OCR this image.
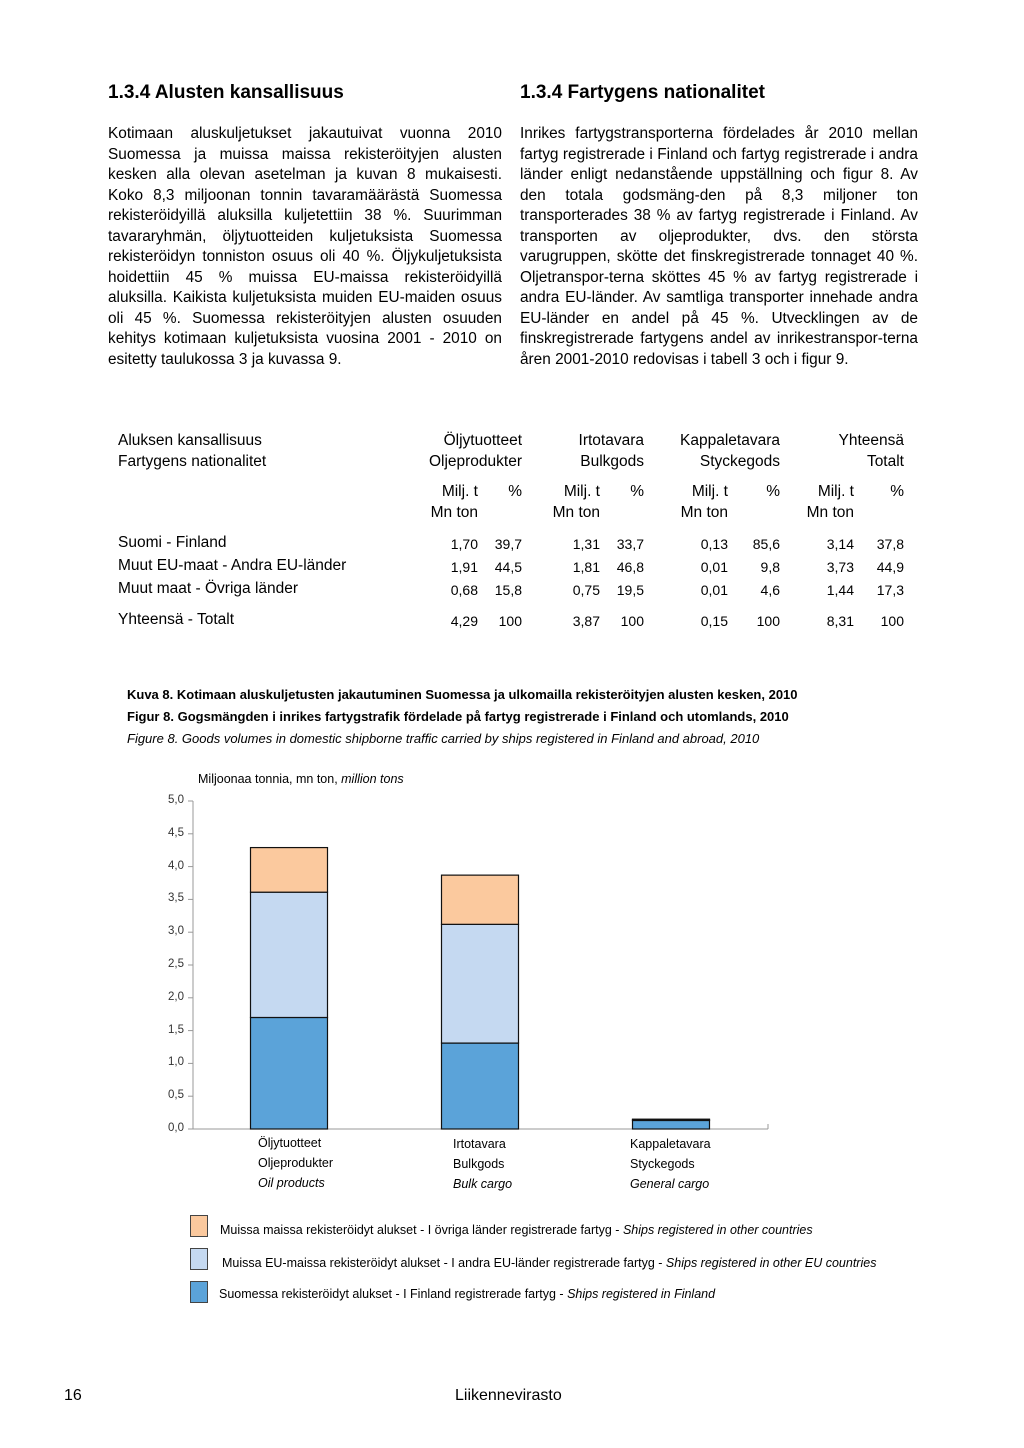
1.3.4 Alusten kansallisuus	1.3.4 Fartygens nationalitet
Kotimaan aluskuljetukset jakautuivat vuonna 2010 Suomessa ja muissa maissa rekisteröityjen alusten kesken alla olevan asetelman ja kuvan 8 mukaisesti. Koko 8,3 miljoonan tonnin tavaramäärästä Suomessa rekisteröidyillä aluksilla kuljetettiin 38 %. Suurimman tavararyhmän, öljytuotteiden kuljetuksista Suomessa rekisteröidyn tonniston osuus oli 40 %. Öljykuljetuksista hoidettiin 45 % muissa EU-maissa rekisteröidyillä aluksilla. Kaikista kuljetuksista muiden EU-maiden osuus oli 45 %. Suomessa rekisteröityjen alusten osuuden kehitys kotimaan kuljetuksista vuosina 2001 - 2010 on esitetty taulukossa 3 ja kuvassa 9.
Inrikes fartygstransporterna fördelades år 2010 mellan fartyg registrerade i Finland och fartyg registrerade i andra länder enligt nedanstående uppställning och figur 8. Av den totala godsmäng-den på 8,3 miljoner ton transporterades 38 % av fartyg registrerade i Finland. Av transporten av oljeprodukter, dvs. den största varugruppen, skötte det finskregistrerade tonnaget 40 %. Oljetranspor-terna sköttes 45 % av fartyg registrerade i andra EU-länder. Av samtliga transporter innehade andra EU-länder en andel på 45 %. Utvecklingen av de finskregistrerade fartygens andel av inrikestranspor-terna åren 2001-2010 redovisas i tabell 3 och i figur 9.
Aluksen kansallisuus	Öljytuotteet		Irtotavara		Kappaletavara		Yhteensä	
Fartygens nationalitet	Oljeprodukter		Bulkgods		Styckegods		Totalt	

	Milj. t	%	Milj. t	%	Milj. t	%	Milj. t	%
	Mn ton		Mn ton		Mn ton		Mn ton	

Suomi - Finland	1,70	39,7	1,31	33,7	0,13	85,6	3,14	37,8
Muut EU-maat - Andra EU-länder	1,91	44,5	1,81	46,8	0,01	9,8	3,73	44,9
Muut maat - Övriga länder	0,68	15,8	0,75	19,5	0,01	4,6	1,44	17,3

Yhteensä - Totalt	4,29	100	3,87	100	0,15	100	8,31	100
Kuva 8. Kotimaan aluskuljetusten jakautuminen Suomessa ja ulkomailla rekisteröityjen alusten kesken, 2010
Figur 8. Gogsmängden i inrikes fartygstrafik fördelade på fartyg registrerade i Finland och utomlands, 2010
Figure 8. Goods volumes in domestic shipborne traffic carried by ships registered in Finland and abroad, 2010
Miljoonaa tonnia, mn ton, million tons
0,0
0,5
1,0
1,5
2,0
2,5
3,0
3,5
4,0
4,5
5,0
Öljytuotteet
Oljeprodukter
Oil products
Irtotavara
Bulkgods
Bulk cargo
Kappaletavara
Styckegods
General cargo
Muissa maissa rekisteröidyt alukset - I övriga länder registrerade fartyg - Ships registered in other countries
Muissa EU-maissa rekisteröidyt alukset - I andra EU-länder registrerade fartyg - Ships registered in other EU countries
Suomessa rekisteröidyt alukset - I Finland registrerade fartyg - Ships registered in Finland
16	Liikennevirasto
